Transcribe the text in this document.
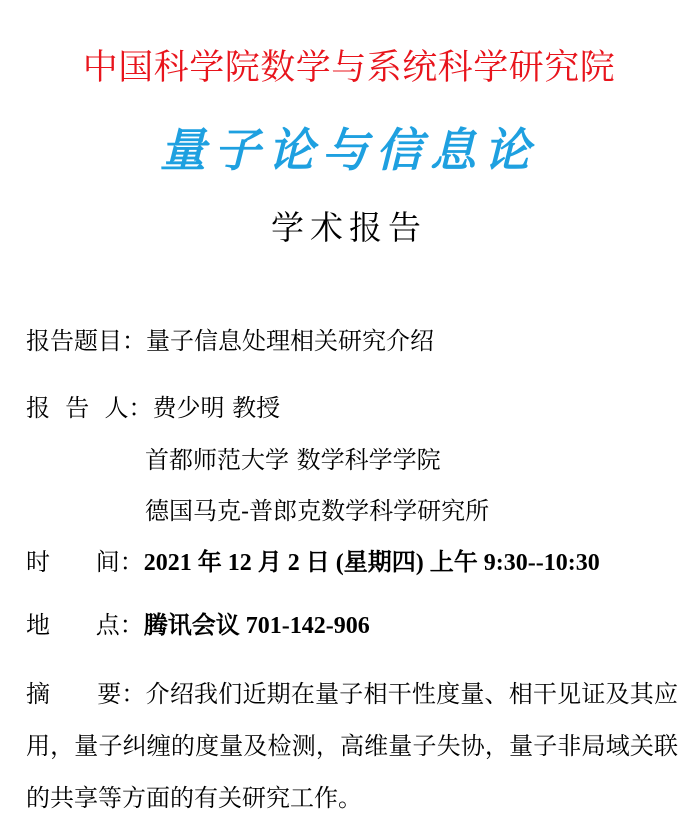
中国科学院数学与系统科学研究院
量子论与信息论
学术报告
报告题目：量子信息处理相关研究介绍
报  告  人：费少明 教授
首都师范大学 数学科学学院
德国马克-普郎克数学科学研究所
时      间：2021 年 12 月 2 日 (星期四) 上午 9:30--10:30
地      点：腾讯会议 701-142-906
摘      要：介绍我们近期在量子相干性度量、相干见证及其应用，量子纠缠的度量及检测，高维量子失协，量子非局域关联的共享等方面的有关研究工作。
